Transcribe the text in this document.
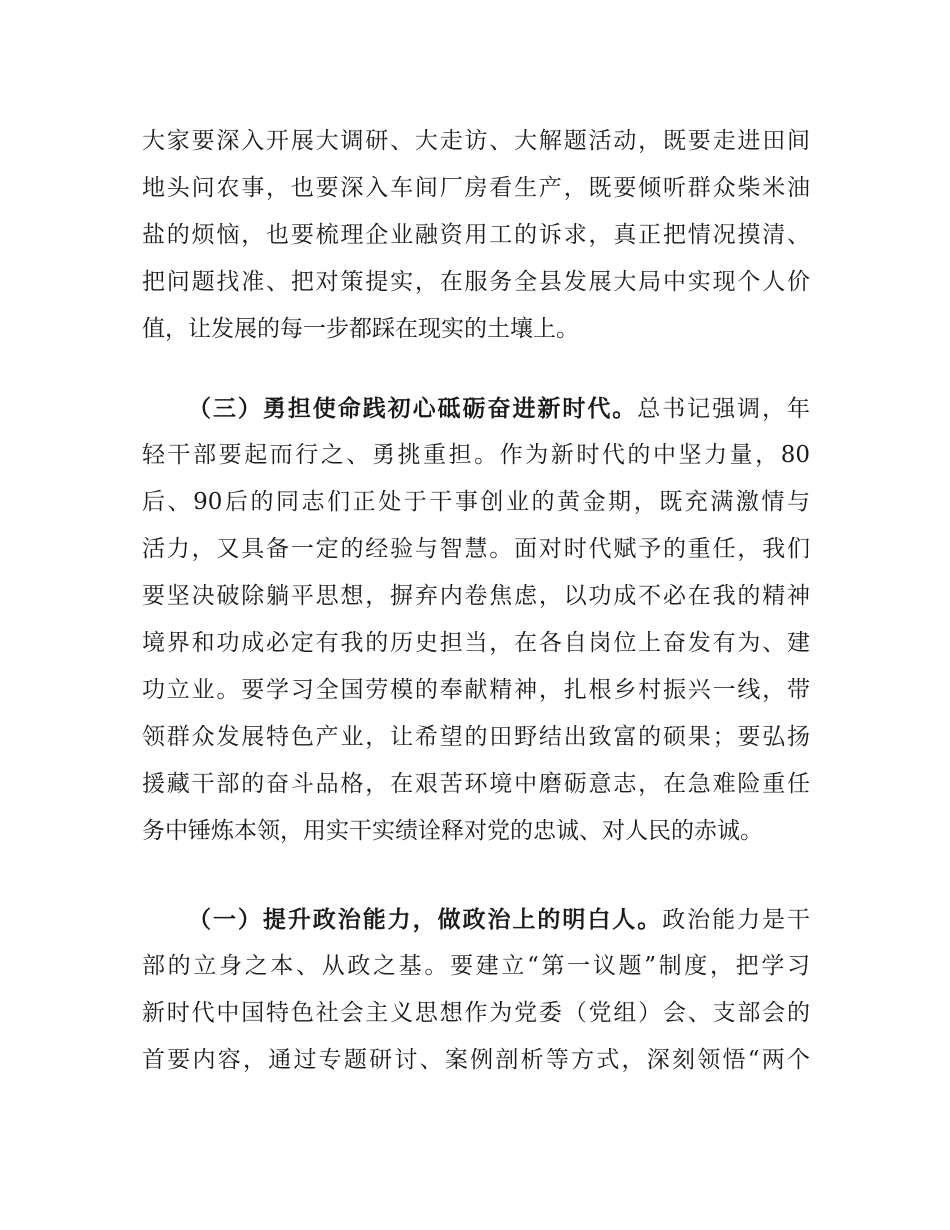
大家要深入开展大调研、大走访、大解题活动，既要走进田间
地头问农事，也要深入车间厂房看生产，既要倾听群众柴米油
盐的烦恼，也要梳理企业融资用工的诉求，真正把情况摸清、
把问题找准、把对策提实，在服务全县发展大局中实现个人价
值，让发展的每一步都踩在现实的土壤上。
（三）勇担使命践初心砥砺奋进新时代。总书记强调，年
轻干部要起而行之、勇挑重担。作为新时代的中坚力量，80
后、90后的同志们正处于干事创业的黄金期，既充满激情与
活力，又具备一定的经验与智慧。面对时代赋予的重任，我们
要坚决破除躺平思想，摒弃内卷焦虑，以功成不必在我的精神
境界和功成必定有我的历史担当，在各自岗位上奋发有为、建
功立业。要学习全国劳模的奉献精神，扎根乡村振兴一线，带
领群众发展特色产业，让希望的田野结出致富的硕果；要弘扬
援藏干部的奋斗品格，在艰苦环境中磨砺意志，在急难险重任
务中锤炼本领，用实干实绩诠释对党的忠诚、对人民的赤诚。
（一）提升政治能力，做政治上的明白人。政治能力是干
部的立身之本、从政之基。要建立“第一议题”制度，把学习
新时代中国特色社会主义思想作为党委（党组）会、支部会的
首要内容，通过专题研讨、案例剖析等方式，深刻领悟“两个
